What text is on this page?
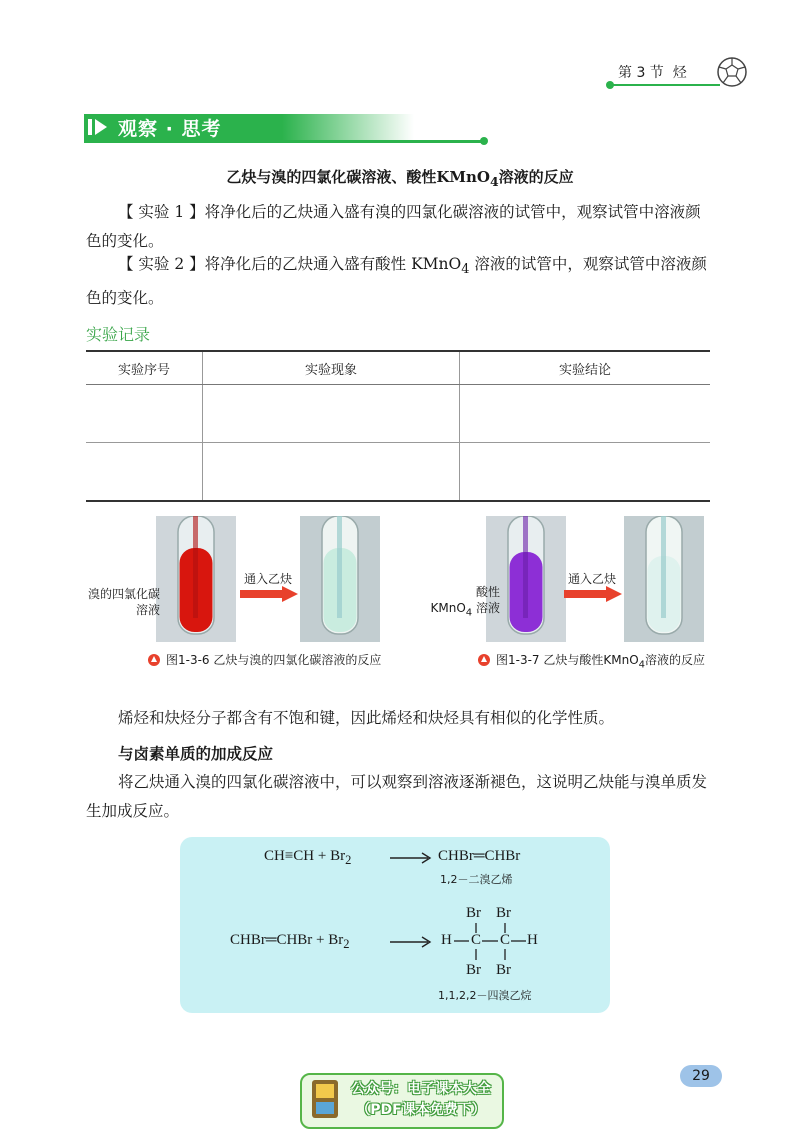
第 3 节 烃
观察 · 思考
乙炔与溴的四氯化碳溶液、酸性KMnO$_4$溶液的反应
【 实验 1 】将净化后的乙炔通入盛有溴的四氯化碳溶液的试管中，观察试管中溶液颜色的变化。
【 实验 2 】将净化后的乙炔通入盛有酸性 KMnO$_4$ 溶液的试管中，观察试管中溶液颜色的变化。
实验记录
实验序号	实验现象	实验结论

溴的四氯化碳
溶液
通入乙炔
图1-3-6 乙炔与溴的四氯化碳溶液的反应
酸性
KMnO$_4$ 溶液
通入乙炔
图1-3-7 乙炔与酸性KMnO$_4$溶液的反应
烯烃和炔烃分子都含有不饱和键，因此烯烃和炔烃具有相似的化学性质。
与卤素单质的加成反应
将乙炔通入溴的四氯化碳溶液中，可以观察到溶液逐渐褪色，这说明乙炔能与溴单质发生加成反应。
$CH\equiv CH + Br_2$ → CHBr═CHBr
1,2－二溴乙烯
Br Br
CHBr═CHBr + $Br_2$	→ H C C H
Br Br
1,1,2,2－四溴乙烷
29
公众号：电子课本大全
（PDF课本免费下）
